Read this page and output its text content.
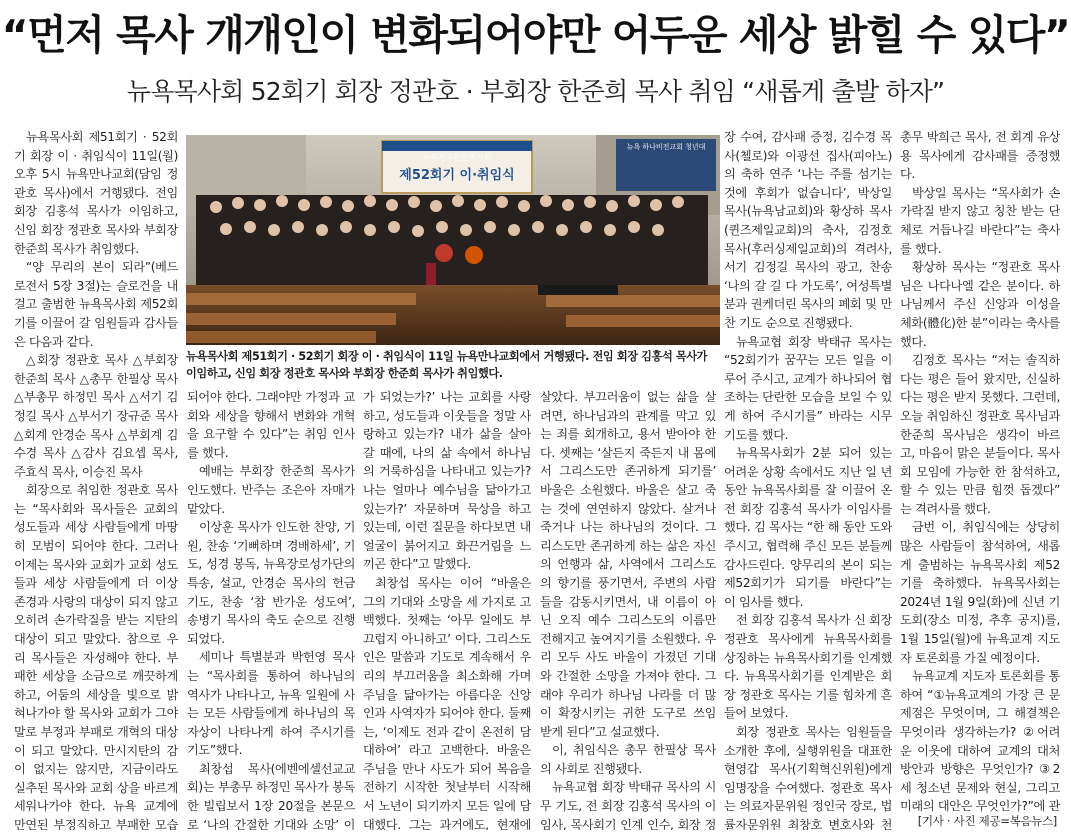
“먼저 목사 개개인이 변화되어야만 어두운 세상 밝힐 수 있다”
뉴욕목사회 52회기 회장 정관호 · 부회장 한준희 목사 취임 “새롭게 출발 하자”
뉴욕지구한인목사회
제52회기 이·취임식
뉴욕 하나비전교회 청년대
뉴욕목사회 제51회기 · 52회기 회장 이 · 취임식이 11일 뉴욕만나교회에서 거행됐다. 전임 회장 김홍석 목사가 이임하고, 신임 회장 정관호 목사와 부회장 한준희 목사가 취임했다.

뉴욕목사회 제51회기 · 52회기 회장 이 · 취임식이 11일(월) 오후 5시 뉴욕만나교회(담임 정관호 목사)에서 거행됐다. 전임 회장 김홍석 목사가 이임하고, 신임 회장 정관호 목사와 부회장 한준희 목사가 취임했다.

“양 무리의 본이 되라”(베드로전서 5장 3절)는 슬로건을 내걸고 출범한 뉴욕목사회 제52회기를 이끌어 갈 임원들과 감사들은 다음과 같다.

△회장 정관호 목사 △부회장 한준희 목사 △총무 한필상 목사 △부총무 하정민 목사 △서기 김정길 목사 △부서기 장규준 목사 △회계 안경순 목사 △부회계 김수경 목사 △감사 김요셉 목사, 주효식 목사, 이승진 목사

회장으로 취임한 정관호 목사는 “목사회와 목사들은 교회의 성도들과 세상 사람들에게 마땅히 모범이 되어야 한다. 그러나 이제는 목사와 교회가 교회 성도들과 세상 사람들에게 더 이상 존경과 사랑의 대상이 되지 않고 오히려 손가락질을 받는 지탄의 대상이 되고 말았다. 참으로 우리 목사들은 자성해야 한다. 부패한 세상을 소금으로 깨끗하게 하고, 어둠의 세상을 빛으로 밝혀나가야 할 목사와 교회가 그야말로 부정과 부패로 개혁의 대상이 되고 말았다. 만시지탄의 감이 없지는 않지만, 지금이라도 실추된 목사와 교회 상을 바르게 세워나가야 한다. 뉴욕 교계에 만연된 부정직하고 부패한 모습

되어야 한다. 그래야만 가정과 교회와 세상을 향해서 변화와 개혁을 요구할 수 있다”는 취임 인사를 했다.

예배는 부회장 한준희 목사가 인도했다. 반주는 조은아 자매가 맡았다.

이상훈 목사가 인도한 찬양, 기원, 찬송 ‘기뻐하며 경배하세’, 기도, 성경 봉독, 뉴욕장로성가단의 특송, 설교, 안경순 목사의 헌금 기도, 찬송 ‘참 반가운 성도여’, 송병기 목사의 축도 순으로 진행되었다.

세미나 특별분과 박헌영 목사는 “목사회를 통하여 하나님의 역사가 나타나고, 뉴욕 일원에 사는 모든 사람들에게 하나님의 목자상이 나타나게 하여 주시기를 기도”했다.

최창섭 목사(에벤에셀선교교회)는 부총무 하정민 목사가 봉독한 빌립보서 1장 20절을 본문으로 ‘나의 간절한 기대와 소망’ 이

가 되었는가?’ 나는 교회를 사랑하고, 성도들과 이웃들을 정말 사랑하고 있는가? 내가 삶을 살아갈 때에, 나의 삶 속에서 하나님의 거룩하심을 나타내고 있는가? 나는 얼마나 예수님을 닮아가고 있는가?’ 자문하며 묵상을 하고 있는데, 이런 질문을 하다보면 내 얼굴이 붉어지고 화끈거림을 느끼곤 한다”고 말했다.

최창섭 목사는 이어 “바울은 그의 기대와 소망을 세 가지로 고백했다. 첫째는 ‘아무 일에도 부끄럽지 아니하고’ 이다. 그리스도인은 말씀과 기도로 계속해서 우리의 부끄러움을 최소화해 가며 주님을 닮아가는 아름다운 신앙인과 사역자가 되어야 한다. 둘째는, ‘이제도 전과 같이 온전히 담대하여’ 라고 고백한다. 바울은 주님을 만나 사도가 되어 복음을 전하기 시작한 첫날부터 시작해서 노년이 되기까지 모든 일에 담대했다. 그는 과거에도, 현재에

살았다. 부끄러움이 없는 삶을 살려면, 하나님과의 관계를 막고 있는 죄를 회개하고, 용서 받아야 한다. 셋째는 ‘살든지 죽든지 내 몸에서 그리스도만 존귀하게 되기를’ 바울은 소원했다. 바울은 살고 죽는 것에 연연하지 않았다. 살거나 죽거나 나는 하나님의 것이다. 그리스도만 존귀하게 하는 삶은 자신의 언행과 삶, 사역에서 그리스도의 향기를 풍기면서, 주변의 사람들을 감동시키면서, 내 이름이 아닌 오직 예수 그리스도의 이름만 전해지고 높여지기를 소원했다. 우리 모두 사도 바울이 가졌던 기대와 간절한 소망을 가져야 한다. 그래야 우리가 하나님 나라를 더 많이 확장시키는 귀한 도구로 쓰임 받게 된다”고 설교했다.

이, 취임식은 총무 한필상 목사의 사회로 진행됐다.

뉴욕교협 회장 박태규 목사의 시무 기도, 전 회장 김홍석 목사의 이임사, 목사회기 인계 인수, 회장 정

장 수여, 감사패 증정, 김수경 목사(첼로)와 이광선 집사(피아노)의 축하 연주 ‘나는 주를 섬기는 것에 후회가 없습니다’, 박상일 목사(뉴욕남교회)와 황상하 목사(퀸즈제일교회)의 축사, 김정호 목사(후러싱제일교회)의 격려사, 서기 김정길 목사의 광고, 찬송 ‘나의 갈 길 다 가도록’, 여성특별분과 권케더린 목사의 폐회 및 만찬 기도 순으로 진행됐다.

뉴욕교협 회장 박태규 목사는 “52회기가 꿈꾸는 모든 일을 이루어 주시고, 교계가 하나되어 협조하는 단란한 모습을 보일 수 있게 하여 주시기를” 바라는 시무 기도를 했다.

뉴욕목사회가 2분 되어 있는 어려운 상황 속에서도 지난 일 년 동안 뉴욕목사회를 잘 이끌어 온 전 회장 김홍석 목사가 이임사를 했다. 김 목사는 “한 해 동안 도와주시고, 협력해 주신 모든 분들께 감사드린다. 양무리의 본이 되는 제52회기가 되기를 바란다”는 이 임사를 했다.

전 회장 김홍석 목사가 신 회장 정관호 목사에게 뉴욕목사회를 상징하는 뉴욕목사회기를 인계했다. 뉴욕목사회기를 인계받은 회장 정관호 목사는 기를 힘차게 흔들어 보였다.

회장 정관호 목사는 임원들을 소개한 후에, 실행위원을 대표한 현영갑 목사(기획혁신위원)에게 임명장을 수여했다. 정관호 목사는 의료자문위원 정인국 장로, 법률자문위원 최창호 변호사와 천

총무 박희근 목사, 전 회계 유상용 목사에게 감사패를 증정했다.

박상일 목사는 “목사회가 손가락질 받지 않고 칭찬 받는 단체로 거듭나길 바란다”는 축사를 했다.

황상하 목사는 “정관호 목사님은 나다나엘 같은 분이다. 하나님께서 주신 신앙과 이성을 체화(體化)한 분”이라는 축사를 했다.

김정호 목사는 “저는 솔직하다는 평은 들어 왔지만, 신실하다는 평은 받지 못했다. 그런데, 오늘 취임하신 정관호 목사님과 한준희 목사님은 생각이 바르고, 마음이 맑은 분들이다. 목사회 모임에 가능한 한 참석하고, 할 수 있는 만큼 힘껏 돕겠다” 는 격려사를 했다.

금번 이, 취임식에는 상당히 많은 사람들이 참석하여, 새롭게 출범하는 뉴욕목사회 제52기를 축하했다. 뉴욕목사회는 2024년 1월 9일(화)에 신년 기도회(장소 미정, 추후 공지)를, 1월 15일(월)에 뉴욕교계 지도자 토론회를 가질 예정이다.

뉴욕교계 지도자 토론회를 통하여 “①뉴욕교계의 가장 큰 문제점은 무엇이며, 그 해결책은 무엇이라 생각하는가? ②어려운 이웃에 대하여 교계의 대처 방안과 방향은 무엇인가? ③2세 청소년 문제와 현실, 그리고 미래의 대안은 무엇인가?”에 관

[기사 · 사진 제공=복음뉴스]
